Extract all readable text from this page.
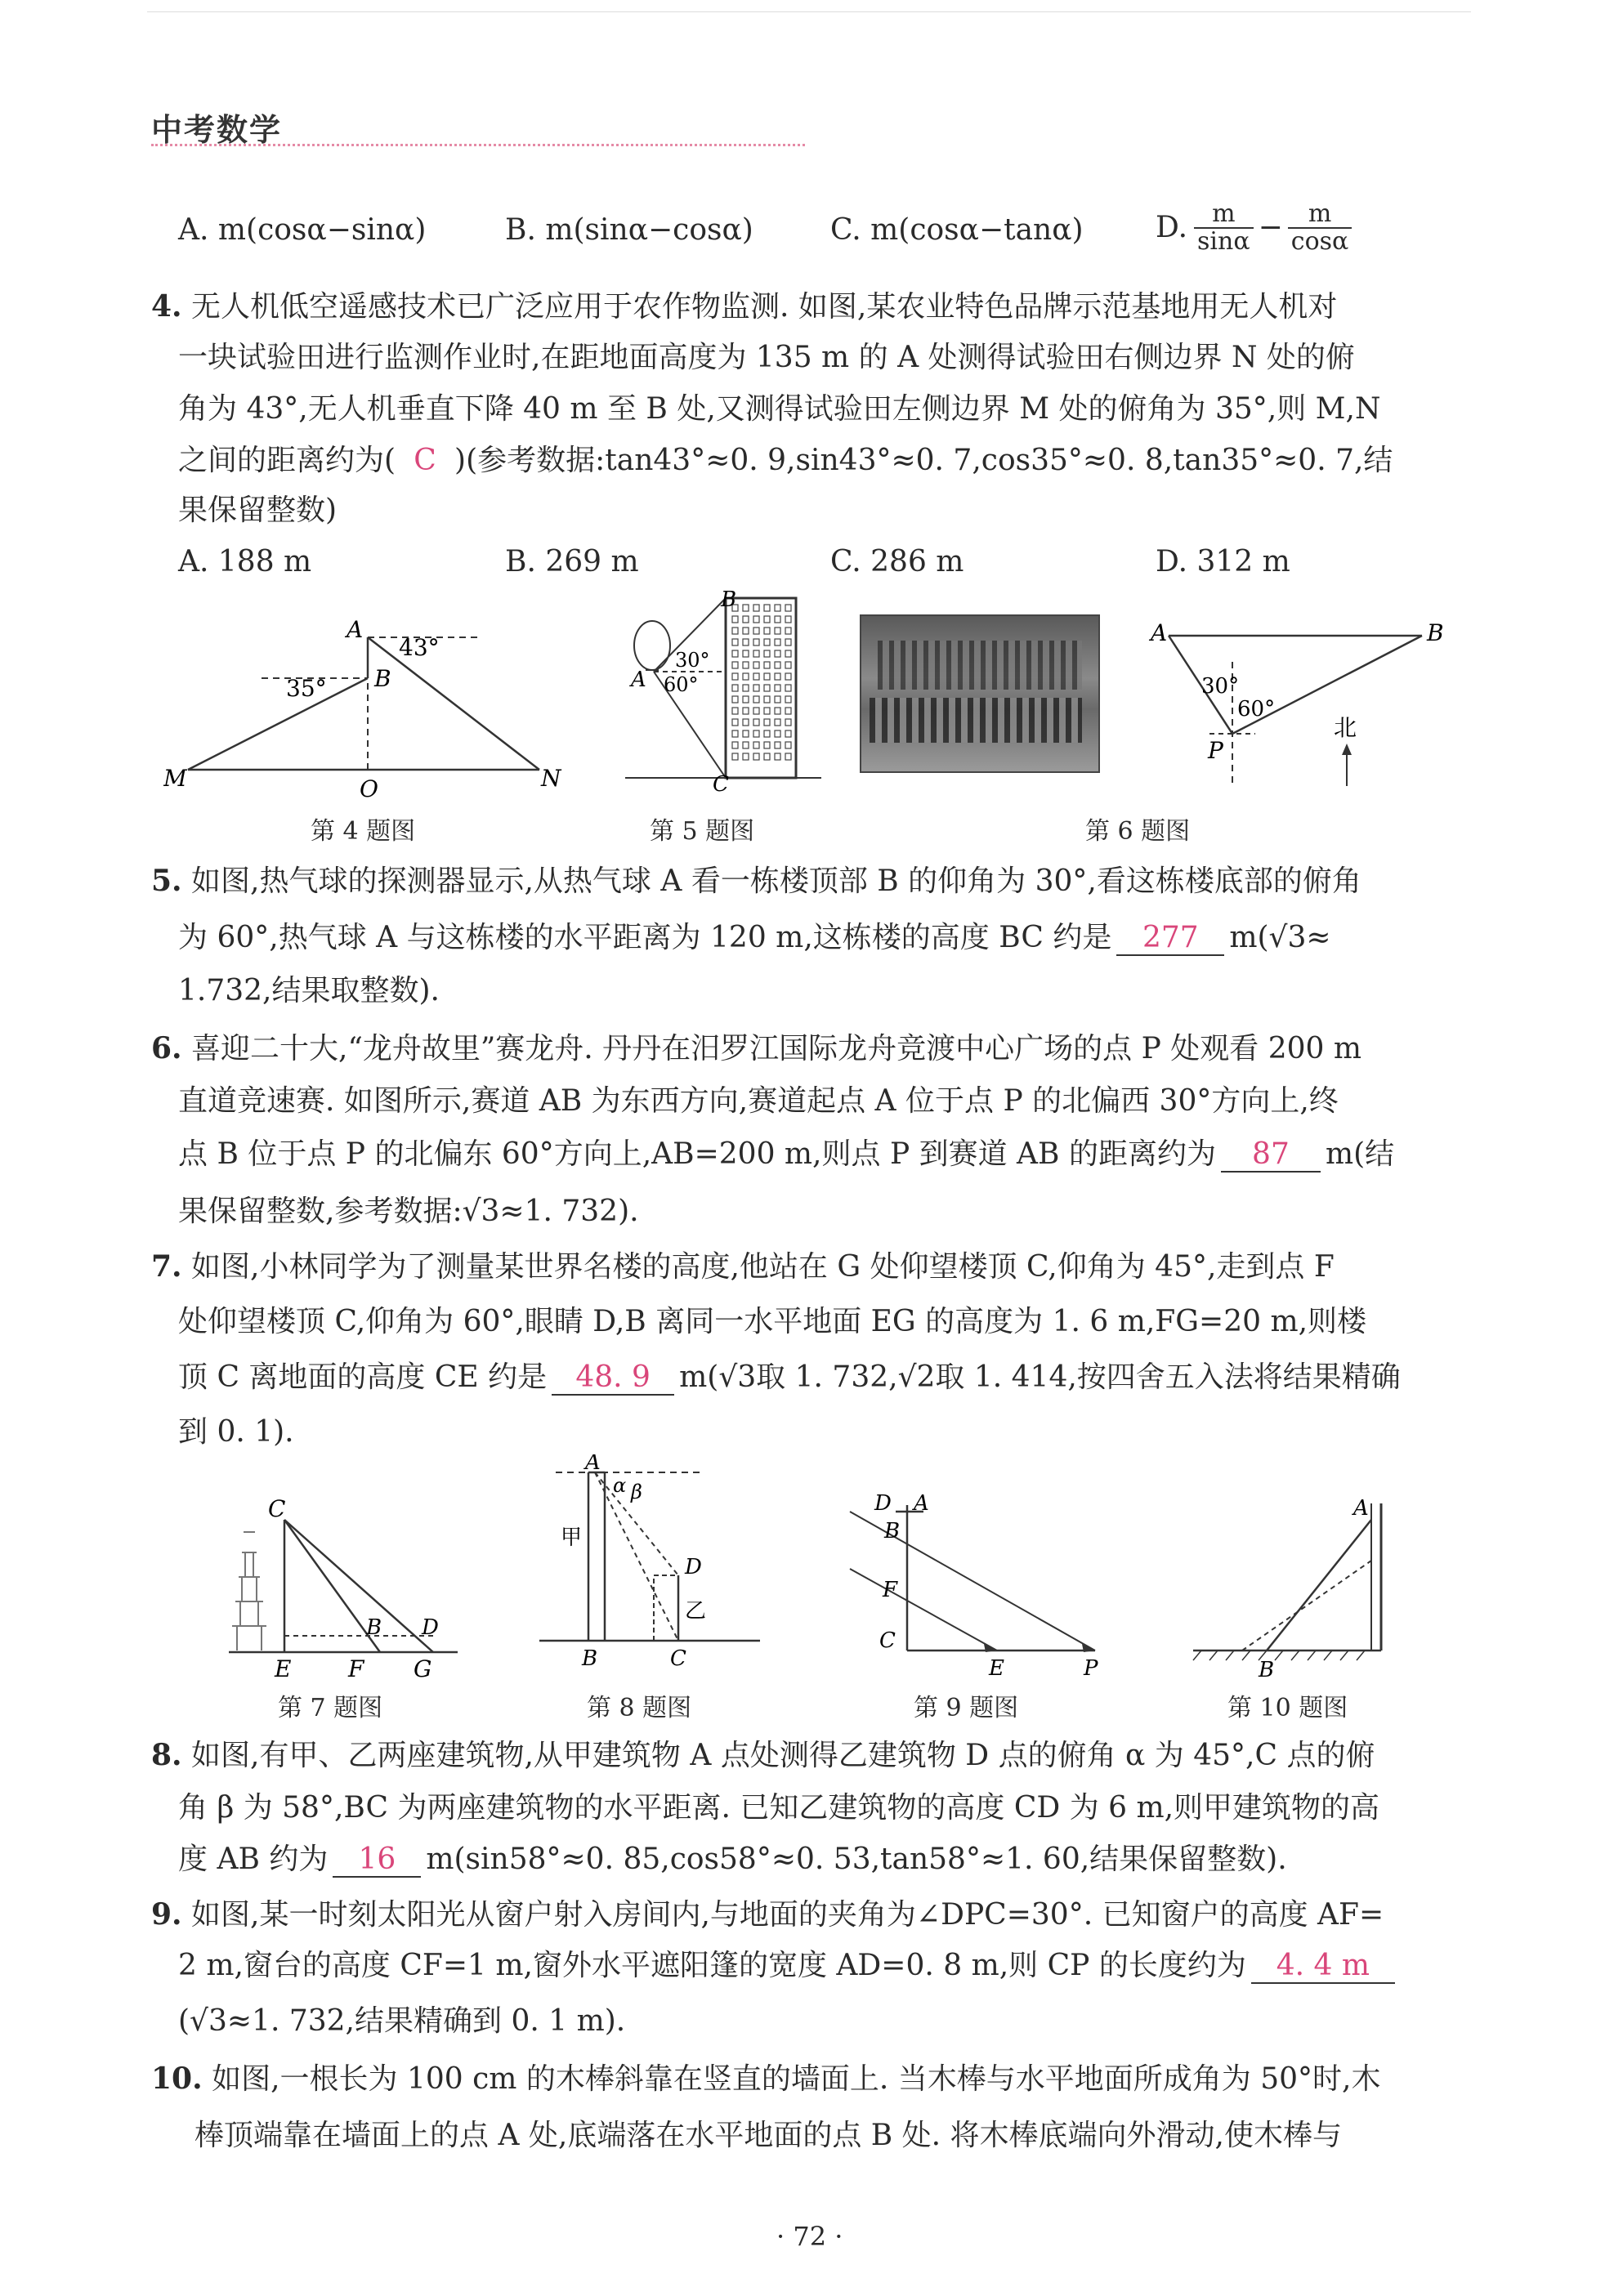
中考数学
A. m(cosα−sinα)	B. m(sinα−cosα)	C. m(cosα−tanα) D. $\frac{m}{\sin\alpha} - \frac{m}{\cos\alpha}$
4. 无人机低空遥感技术已广泛应用于农作物监测. 如图,某农业特色品牌示范基地用无人机对
一块试验田进行监测作业时,在距地面高度为 135 m 的 A 处测得试验田右侧边界 N 处的俯
角为 43°,无人机垂直下降 40 m 至 B 处,又测得试验田左侧边界 M 处的俯角为 35°,则 M,N
之间的距离约为( C )(参考数据:tan43°≈0. 9,sin43°≈0. 7,cos35°≈0. 8,tan35°≈0. 7,结
果保留整数)
A. 188 m	B. 269 m	C. 286 m	D. 312 m
A
B
M	O	N
43°
35°
第 4 题图
A
B
C
30°
60°
第 5 题图	第 6 题图
A	B
P
30°
60°
北
5. 如图,热气球的探测器显示,从热气球 A 看一栋楼顶部 B 的仰角为 30°,看这栋楼底部的俯角
为 60°,热气球 A 与这栋楼的水平距离为 120 m,这栋楼的高度 BC 约是 277 m(√3≈
1.732,结果取整数).
6. 喜迎二十大,“龙舟故里”赛龙舟. 丹丹在汨罗江国际龙舟竞渡中心广场的点 P 处观看 200 m
直道竞速赛. 如图所示,赛道 AB 为东西方向,赛道起点 A 位于点 P 的北偏西 30°方向上,终
点 B 位于点 P 的北偏东 60°方向上,AB=200 m,则点 P 到赛道 AB 的距离约为 87 m(结
果保留整数,参考数据:√3≈1. 732).
7. 如图,小林同学为了测量某世界名楼的高度,他站在 G 处仰望楼顶 C,仰角为 45°,走到点 F
处仰望楼顶 C,仰角为 60°,眼睛 D,B 离同一水平地面 EG 的高度为 1. 6 m,FG=20 m,则楼
顶 C 离地面的高度 CE 约是 48. 9 m(√3取 1. 732,√2取 1. 414,按四舍五入法将结果精确
到 0. 1).
C
B D
E F G
第 7 题图
A
α β
甲
D
乙
B	C
第 8 题图
D A
B
F
C
E	P
第 9 题图
A
B
第 10 题图
8. 如图,有甲、乙两座建筑物,从甲建筑物 A 点处测得乙建筑物 D 点的俯角 α 为 45°,C 点的俯
角 β 为 58°,BC 为两座建筑物的水平距离. 已知乙建筑物的高度 CD 为 6 m,则甲建筑物的高
度 AB 约为 16 m(sin58°≈0. 85,cos58°≈0. 53,tan58°≈1. 60,结果保留整数).
9. 如图,某一时刻太阳光从窗户射入房间内,与地面的夹角为∠DPC=30°. 已知窗户的高度 AF=
2 m,窗台的高度 CF=1 m,窗外水平遮阳篷的宽度 AD=0. 8 m,则 CP 的长度约为 4. 4 m
(√3≈1. 732,结果精确到 0. 1 m).
10. 如图,一根长为 100 cm 的木棒斜靠在竖直的墙面上. 当木棒与水平地面所成角为 50°时,木
棒顶端靠在墙面上的点 A 处,底端落在水平地面的点 B 处. 将木棒底端向外滑动,使木棒与
· 72 ·
